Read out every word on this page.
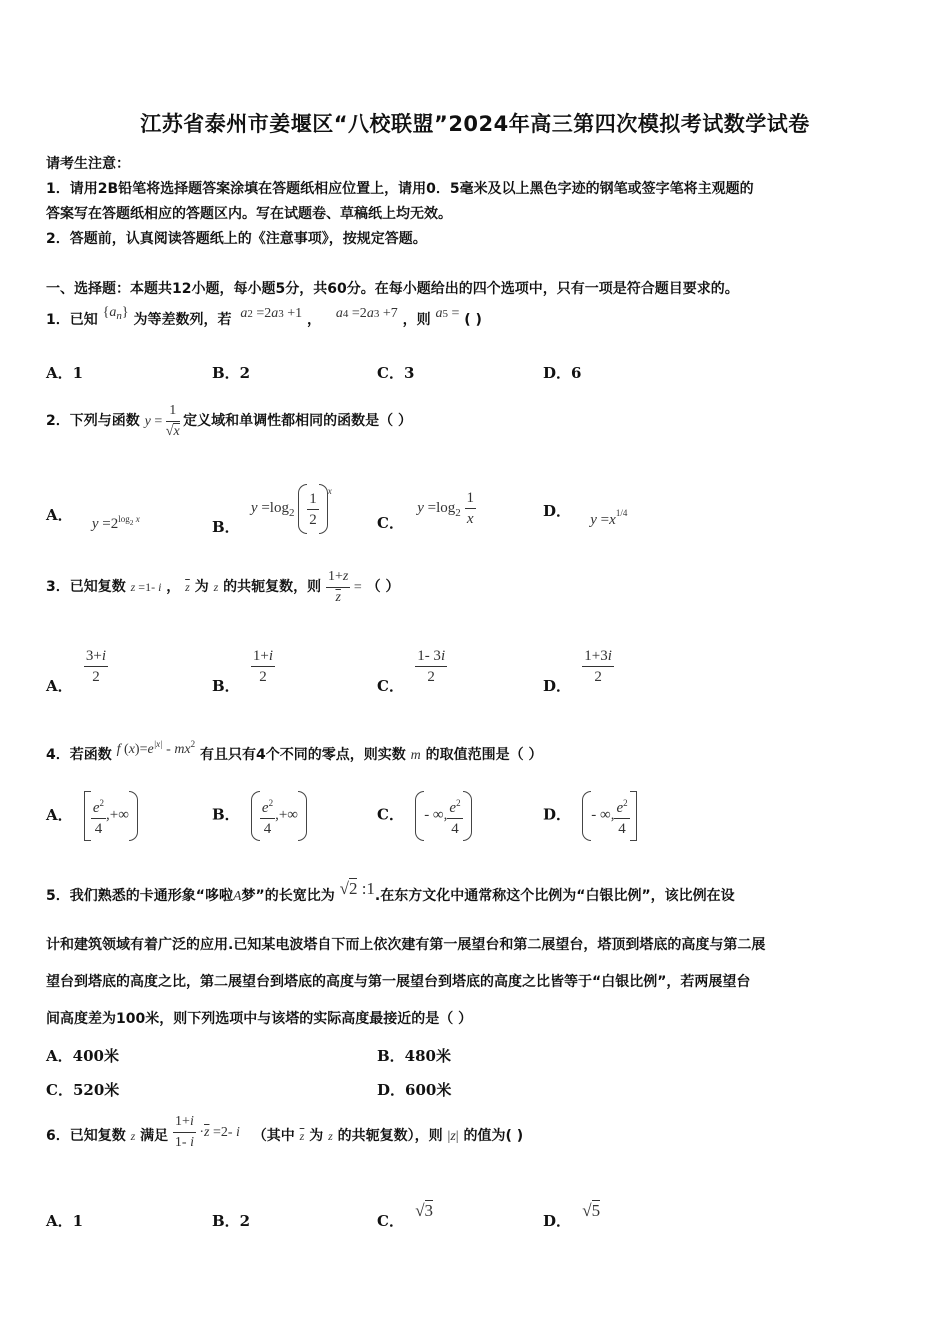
江苏省泰州市姜堰区“八校联盟”2024年高三第四次模拟考试数学试卷
请考生注意：
1．请用2B铅笔将选择题答案涂填在答题纸相应位置上，请用0．5毫米及以上黑色字迹的钢笔或签字笔将主观题的
答案写在答题纸相应的答题区内。写在试题卷、草稿纸上均无效。
2．答题前，认真阅读答题纸上的《注意事项》，按规定答题。
一、选择题：本题共12小题，每小题5分，共60分。在每小题给出的四个选项中，只有一项是符合题目要求的。
1．已知 $\{a_n\}$ 为等差数列，若 a2 =2a3 +1 ， a4 =2a3 +7 ，则 a5 = ( )
A．1	B．2	C．3	D．6
2．下列与函数 $y = \frac{1}{√x}$ 定义域和单调性都相同的函数是（ ）
A． $y =2^{log_2 x}$	B． $y =\log_2 \frac{1}{2} ^x$
C． $y =\log_2 \frac{1}{x}$	D． $y =x^{1/4}$
3．已知复数 z =1- i ， $\overline{z}$ 为 z 的共轭复数，则 $\frac{1+z}{z}$ = （ ）
A． $\frac{3+i}{2}$	B． $\frac{1+i}{2}$	C． $\frac{1- 3i}{2}$	D． $\frac{1+3i}{2}$
4．若函数 f $(x)=e^{|x|} - mx^2$ 有且只有4个不同的零点，则实数 m 的取值范围是（ ）
A． $\frac{e^2}{4}$ ,+∞	B． $\frac{e^2}{4}$ ,+∞	C． - ∞, $\frac{e^2}{4}$	D． - ∞, $\frac{e^2}{4}$
5．我们熟悉的卡通形象“哆啦A梦”的长宽比为 √2 :1.在东方文化中通常称这个比例为“白银比例”，该比例在设
计和建筑领域有着广泛的应用.已知某电波塔自下而上依次建有第一展望台和第二展望台，塔顶到塔底的高度与第二展
望台到塔底的高度之比，第二展望台到塔底的高度与第一展望台到塔底的高度之比皆等于“白银比例”，若两展望台
间高度差为100米，则下列选项中与该塔的实际高度最接近的是（ ）
A．400米	B．480米
C．520米	D．600米
6．已知复数 z 满足 $\frac{1+i}{1- i} \cdot\overline{z} =2-$ i （其中 $\overline{z}$ 为 z 的共轭复数），则 |z| 的值为( )
A．1	B．2	C． √3
D． √5
